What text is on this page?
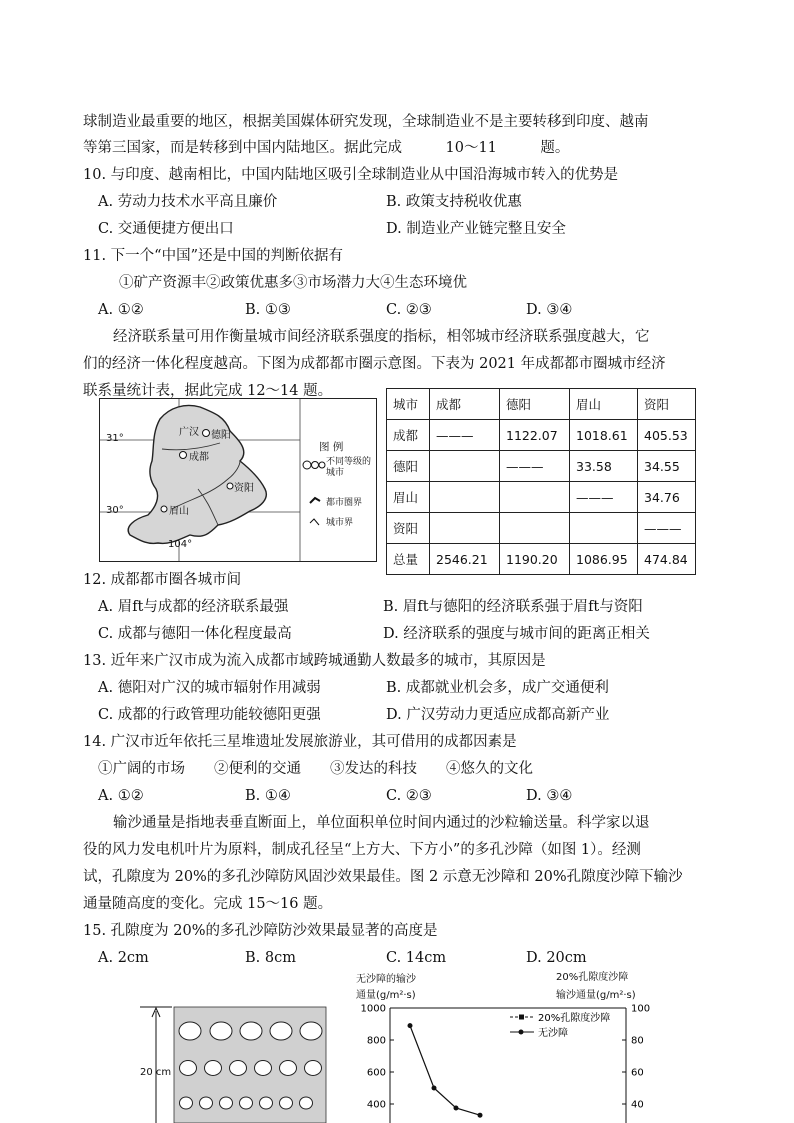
球制造业最重要的地区，根据美国媒体研究发现，全球制造业不是主要转移到印度、越南
等第三国家，而是转移到中国内陆地区。据此完成　　　10～11　　　题。
10. 与印度、越南相比，中国内陆地区吸引全球制造业从中国沿海城市转入的优势是
A. 劳动力技术水平高且廉价	B. 政策支持税收优惠
C. 交通便捷方便出口	D. 制造业产业链完整且安全
11. 下一个“中国”还是中国的判断依据有
①矿产资源丰②政策优惠多③市场潜力大④生态环境优
A. ①②	B. ①③	C. ②③	D. ③④
经济联系量可用作衡量城市间经济联系强度的指标，相邻城市经济联系强度越大，它
们的经济一体化程度越高。下图为成都都市圈示意图。下表为 2021 年成都都市圈城市经济
联系量统计表，据此完成 12～14 题。
31°
30°
104°
广汉 德阳
成都
资阳
眉山
图 例
不同等级的城市
都市圈界
城市界
城市	成都	德阳	眉山	资阳
成都	———	1122.07	1018.61	405.53
德阳		———	33.58	34.55
眉山			———	34.76
资阳				———
总量	2546.21	1190.20	1086.95	474.84
12. 成都都市圈各城市间
A. 眉ft与成都的经济联系最强	B. 眉ft与德阳的经济联系强于眉ft与资阳
C. 成都与德阳一体化程度最高	D. 经济联系的强度与城市间的距离正相关
13. 近年来广汉市成为流入成都市域跨城通勤人数最多的城市，其原因是
A. 德阳对广汉的城市辐射作用减弱	B. 成都就业机会多，成广交通便利
C. 成都的行政管理功能较德阳更强	D. 广汉劳动力更适应成都高新产业
14. 广汉市近年依托三星堆遗址发展旅游业，其可借用的成都因素是
①广阔的市场　　②便利的交通　　③发达的科技　　④悠久的文化
A. ①②	B. ①④	C. ②③	D. ③④
输沙通量是指地表垂直断面上，单位面积单位时间内通过的沙粒输送量。科学家以退
役的风力发电机叶片为原料，制成孔径呈“上方大、下方小”的多孔沙障（如图 1）。经测
试，孔隙度为 20%的多孔沙障防风固沙效果最佳。图 2 示意无沙障和 20%孔隙度沙障下输沙
通量随高度的变化。完成 15～16 题。
15. 孔隙度为 20%的多孔沙障防沙效果最显著的高度是
A. 2cm	B. 8cm	C. 14cm	D. 20cm
20 cm
无沙障的输沙
通量(g/m²·s)
20%孔隙度沙障
输沙通量(g/m²·s)
1000
800
600
400
100
80
60
40
20%孔隙度沙障
无沙障
